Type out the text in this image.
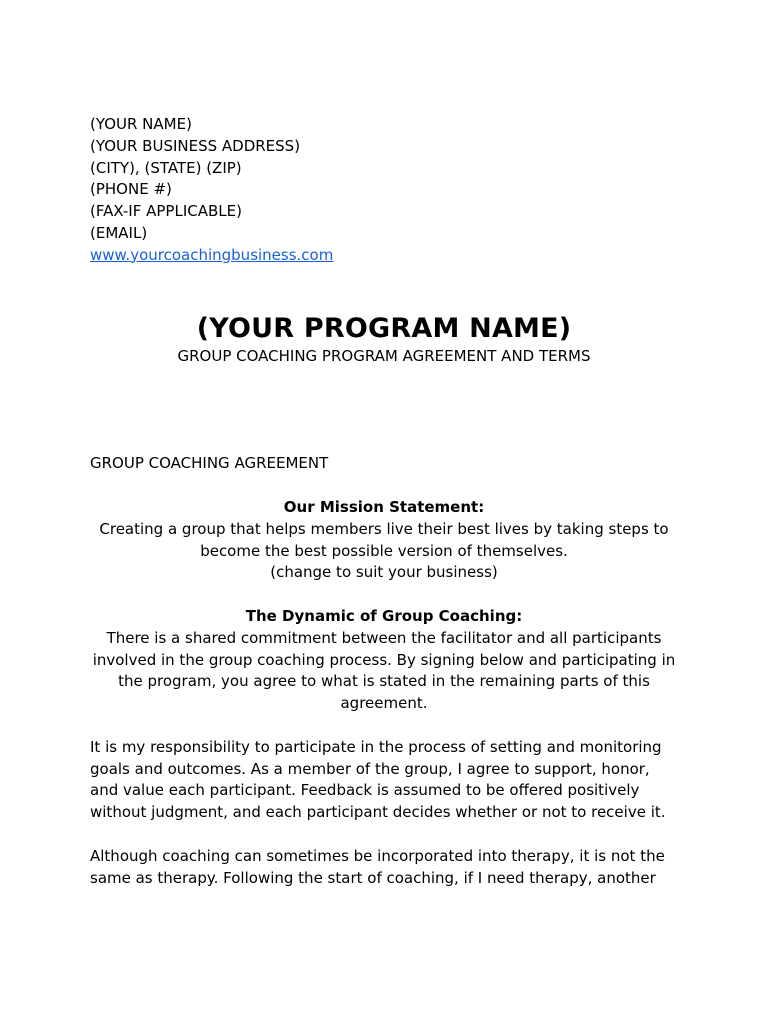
(YOUR NAME)
(YOUR BUSINESS ADDRESS)
(CITY), (STATE) (ZIP)
(PHONE #)
(FAX-IF APPLICABLE)
(EMAIL)
www.yourcoachingbusiness.com
(YOUR PROGRAM NAME)
GROUP COACHING PROGRAM AGREEMENT AND TERMS
GROUP COACHING AGREEMENT
Our Mission Statement:
Creating a group that helps members live their best lives by taking steps to
become the best possible version of themselves.
(change to suit your business)
The Dynamic of Group Coaching:
There is a shared commitment between the facilitator and all participants
involved in the group coaching process. By signing below and participating in
the program, you agree to what is stated in the remaining parts of this
agreement.
It is my responsibility to participate in the process of setting and monitoring
goals and outcomes. As a member of the group, I agree to support, honor,
and value each participant. Feedback is assumed to be offered positively
without judgment, and each participant decides whether or not to receive it.
Although coaching can sometimes be incorporated into therapy, it is not the
same as therapy. Following the start of coaching, if I need therapy, another
